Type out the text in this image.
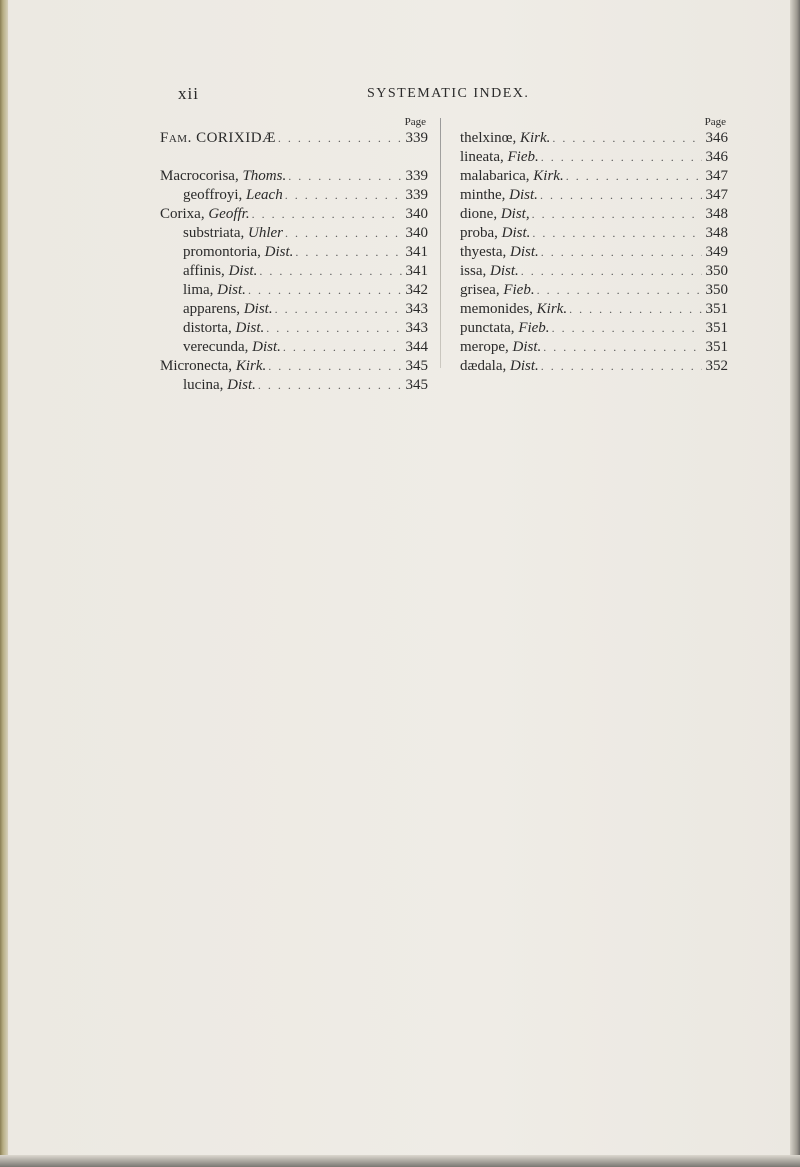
xii	SYSTEMATIC INDEX.
Page
Fam. CORIXIDÆ . . .	339
Macrocorisa, Thoms. . . .	339
geoffroyi, Leach . . .	339
Corixa, Geoffr. . . .	340
substriata, Uhler . . .	340
promontoria, Dist. . . .	341
affinis, Dist. . . .	341
lima, Dist. . . .	342
apparens, Dist. . . .	343
distorta, Dist. . . .	343
verecunda, Dist. . . .	344
Micronecta, Kirk. . . .	345
lucina, Dist. . . .	345
Page
thelxinœ, Kirk. . . .	346
lineata, Fieb. . . .	346
malabarica, Kirk. . . .	347
minthe, Dist. . . .	347
dione, Dist, . . .	348
proba, Dist. . . .	348
thyesta, Dist. . . .	349
issa, Dist. . . .	350
grisea, Fieb. . . .	350
memonides, Kirk. . . .	351
punctata, Fieb. . . .	351
merope, Dist. . . .	351
dædala, Dist. . . .	352
